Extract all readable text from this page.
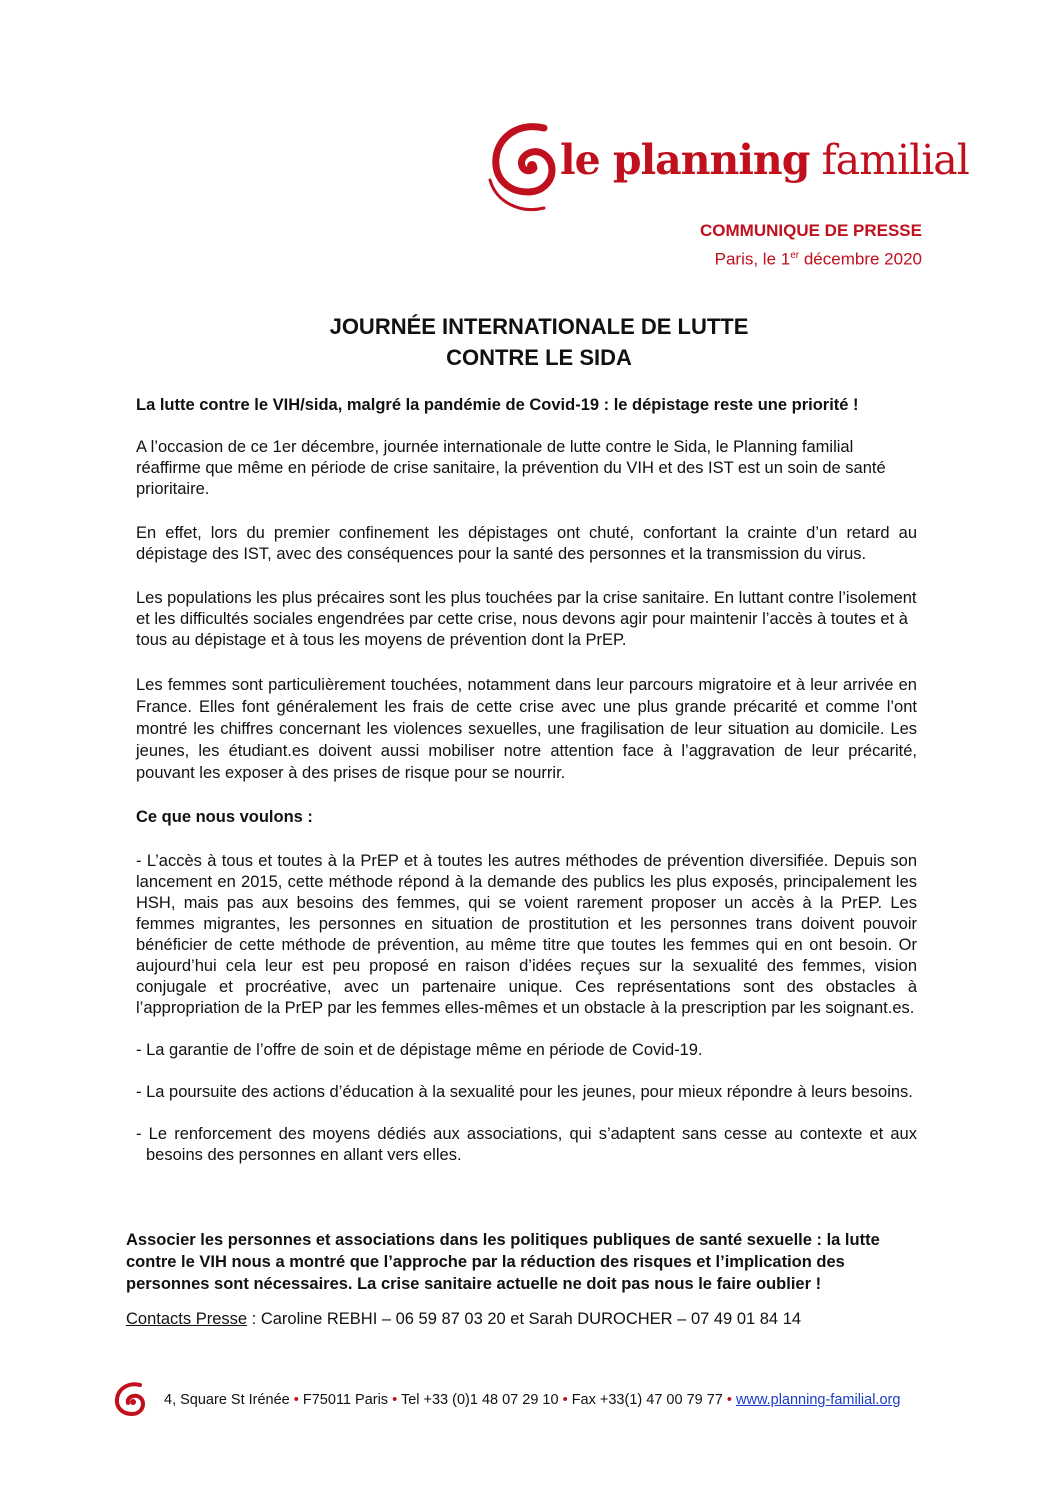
le planning familial
COMMUNIQUE DE PRESSE
Paris, le 1er décembre 2020
JOURNÉE INTERNATIONALE DE LUTTE
CONTRE LE SIDA

La lutte contre le VIH/sida, malgré la pandémie de Covid-19 : le dépistage reste une priorité !

A l’occasion de ce 1er décembre, journée internationale de lutte contre le Sida, le Planning familial réaffirme que même en période de crise sanitaire, la prévention du VIH et des IST est un soin de santé prioritaire.

En effet, lors du premier confinement les dépistages ont chuté, confortant la crainte d’un retard au dépistage des IST, avec des conséquences pour la santé des personnes et la transmission du virus.

Les populations les plus précaires sont les plus touchées par la crise sanitaire. En luttant contre l’isolement et les difficultés sociales engendrées par cette crise, nous devons agir pour maintenir l’accès à toutes et à tous au dépistage et à tous les moyens de prévention dont la PrEP.

Les femmes sont particulièrement touchées, notamment dans leur parcours migratoire et à leur arrivée en France. Elles font généralement les frais de cette crise avec une plus grande précarité et comme l’ont montré les chiffres concernant les violences sexuelles, une fragilisation de leur situation au domicile. Les jeunes, les étudiant.es doivent aussi mobiliser notre attention face à l’aggravation de leur précarité, pouvant les exposer à des prises de risque pour se nourrir.

Ce que nous voulons :

- L’accès à tous et toutes à la PrEP et à toutes les autres méthodes de prévention diversifiée. Depuis son lancement en 2015, cette méthode répond à la demande des publics les plus exposés, principalement les HSH, mais pas aux besoins des femmes, qui se voient rarement proposer un accès à la PrEP. Les femmes migrantes, les personnes en situation de prostitution et les personnes trans doivent pouvoir bénéficier de cette méthode de prévention, au même titre que toutes les femmes qui en ont besoin. Or aujourd’hui cela leur est peu proposé en raison d’idées reçues sur la sexualité des femmes, vision conjugale et procréative, avec un partenaire unique. Ces représentations sont des obstacles à l’appropriation de la PrEP par les femmes elles-mêmes et un obstacle à la prescription par les soignant.es.

- La garantie de l’offre de soin et de dépistage même en période de Covid-19.

- La poursuite des actions d’éducation à la sexualité pour les jeunes, pour mieux répondre à leurs besoins.

- Le renforcement des moyens dédiés aux associations, qui s’adaptent sans cesse au contexte et aux besoins des personnes en allant vers elles.

Associer les personnes et associations dans les politiques publiques de santé sexuelle : la lutte contre le VIH nous a montré que l’approche par la réduction des risques et l’implication des personnes sont nécessaires. La crise sanitaire actuelle ne doit pas nous le faire oublier !
Contacts Presse : Caroline REBHI – 06 59 87 03 20 et Sarah DUROCHER – 07 49 01 84 14
4, Square St Irénée • F75011 Paris • Tel +33 (0)1 48 07 29 10 • Fax +33(1) 47 00 79 77 • www.planning-familial.org
